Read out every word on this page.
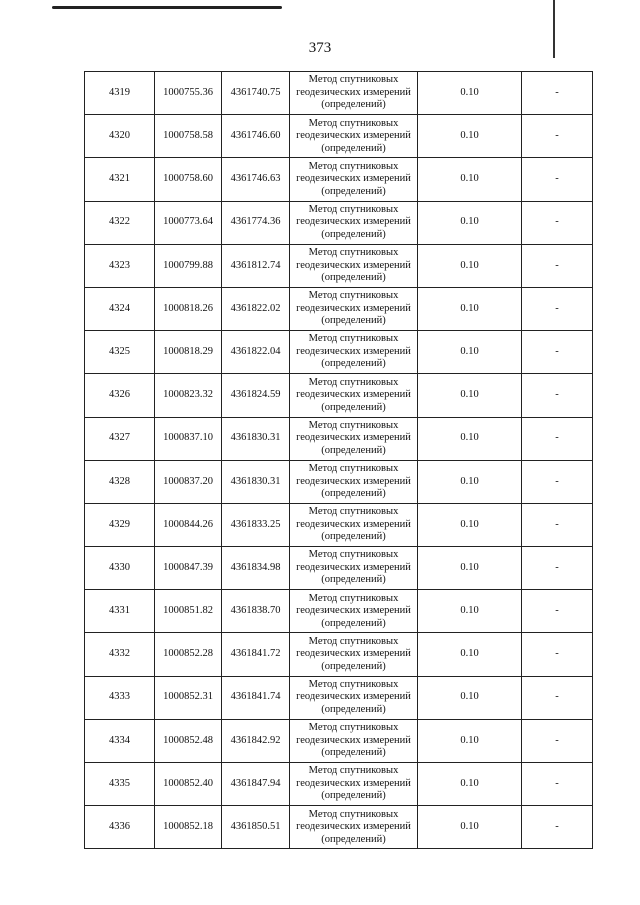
373
4319	1000755.36	4361740.75	Метод спутниковых
геодезических измерений
(определений)	0.10	-
4320	1000758.58	4361746.60	Метод спутниковых
геодезических измерений
(определений)	0.10	-
4321	1000758.60	4361746.63	Метод спутниковых
геодезических измерений
(определений)	0.10	-
4322	1000773.64	4361774.36	Метод спутниковых
геодезических измерений
(определений)	0.10	-
4323	1000799.88	4361812.74	Метод спутниковых
геодезических измерений
(определений)	0.10	-
4324	1000818.26	4361822.02	Метод спутниковых
геодезических измерений
(определений)	0.10	-
4325	1000818.29	4361822.04	Метод спутниковых
геодезических измерений
(определений)	0.10	-
4326	1000823.32	4361824.59	Метод спутниковых
геодезических измерений
(определений)	0.10	-
4327	1000837.10	4361830.31	Метод спутниковых
геодезических измерений
(определений)	0.10	-
4328	1000837.20	4361830.31	Метод спутниковых
геодезических измерений
(определений)	0.10	-
4329	1000844.26	4361833.25	Метод спутниковых
геодезических измерений
(определений)	0.10	-
4330	1000847.39	4361834.98	Метод спутниковых
геодезических измерений
(определений)	0.10	-
4331	1000851.82	4361838.70	Метод спутниковых
геодезических измерений
(определений)	0.10	-
4332	1000852.28	4361841.72	Метод спутниковых
геодезических измерений
(определений)	0.10	-
4333	1000852.31	4361841.74	Метод спутниковых
геодезических измерений
(определений)	0.10	-
4334	1000852.48	4361842.92	Метод спутниковых
геодезических измерений
(определений)	0.10	-
4335	1000852.40	4361847.94	Метод спутниковых
геодезических измерений
(определений)	0.10	-
4336	1000852.18	4361850.51	Метод спутниковых
геодезических измерений
(определений)	0.10	-
